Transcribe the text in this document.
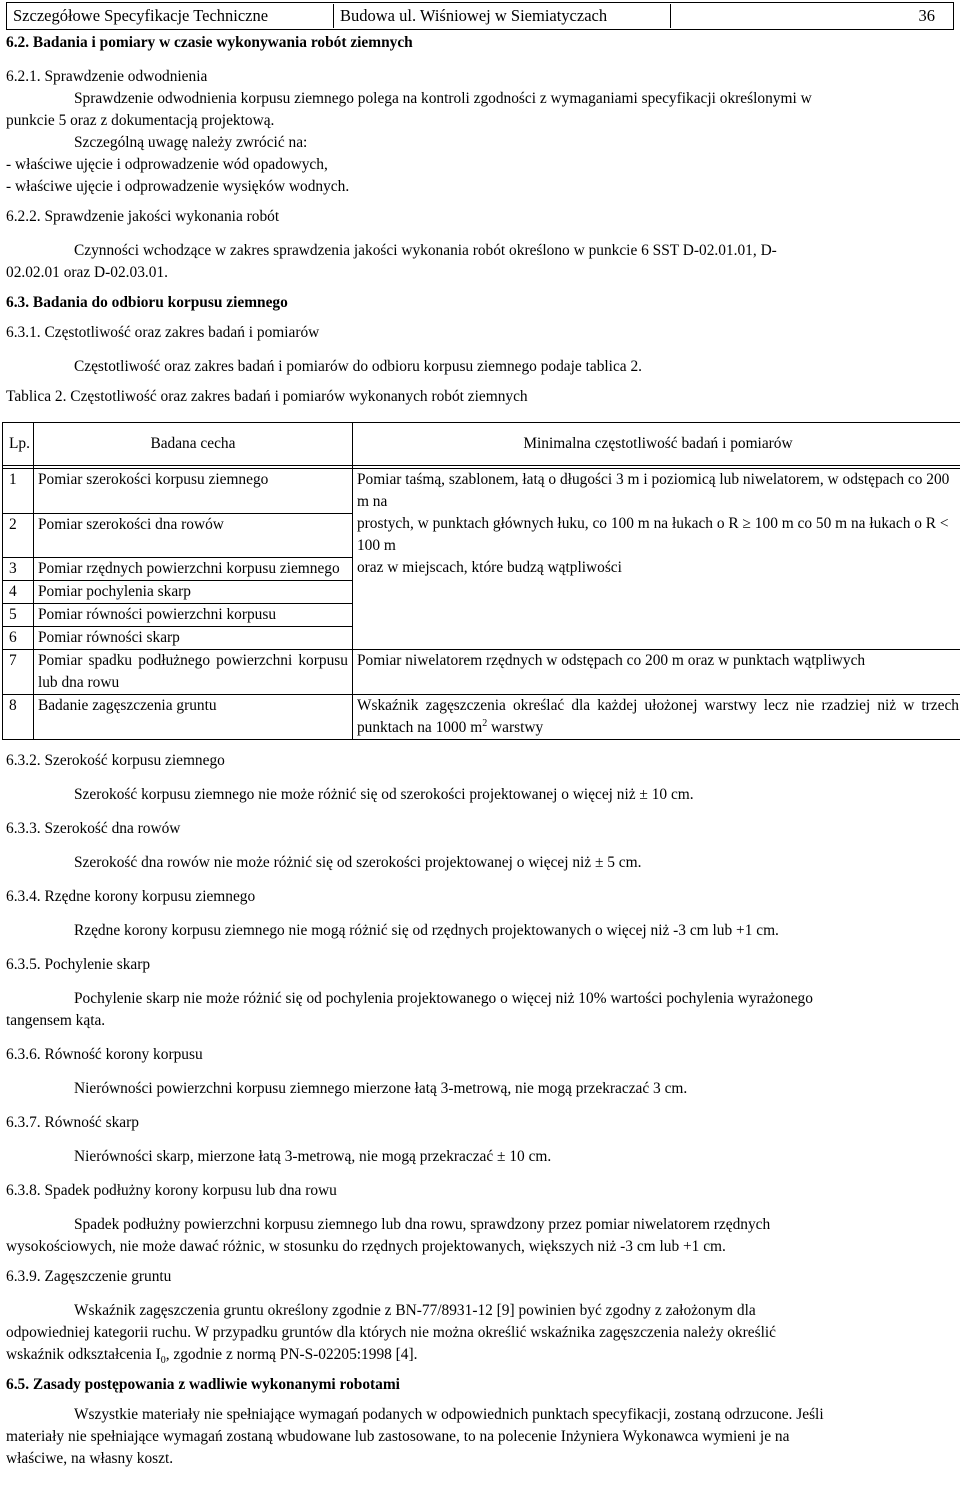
Szczegółowe Specyfikacje Techniczne	Budowa ul. Wiśniowej w Siemiatyczach	36

6.2. Badania i pomiary w czasie wykonywania robót ziemnych

6.2.1. Sprawdzenie odwodnienia

Sprawdzenie odwodnienia korpusu ziemnego polega na kontroli zgodności z wymaganiami specyfikacji określonymi w

punkcie 5 oraz z dokumentacją projektową.

Szczególną uwagę należy zwrócić na:

- właściwe ujęcie i odprowadzenie wód opadowych,

- właściwe ujęcie i odprowadzenie wysięków wodnych.

6.2.2. Sprawdzenie jakości wykonania robót

Czynności wchodzące w zakres sprawdzenia jakości wykonania robót określono w punkcie 6 SST D-02.01.01, D-

02.02.01 oraz D-02.03.01.

6.3. Badania do odbioru korpusu ziemnego

6.3.1. Częstotliwość oraz zakres badań i pomiarów

Częstotliwość oraz zakres badań i pomiarów do odbioru korpusu ziemnego podaje tablica 2.

Tablica 2. Częstotliwość oraz zakres badań i pomiarów wykonanych robót ziemnych

Lp.	Badana cecha	Minimalna częstotliwość badań i pomiarów

1	Pomiar szerokości korpusu ziemnego	Pomiar taśmą, szablonem, łatą o długości 3 m i poziomicą lub niwelatorem, w odstępach co 200 m na
2	Pomiar szerokości dna rowów	prostych, w punktach głównych łuku, co 100 m na łukach o R ≥ 100 m co 50 m na łukach o R < 100 m
3	Pomiar rzędnych powierzchni korpusu ziemnego	oraz w miejscach, które budzą wątpliwości
4	Pomiar pochylenia skarp	
5	Pomiar równości powierzchni korpusu	
6	Pomiar równości skarp	
7	Pomiar spadku podłużnego powierzchni korpusu lub dna rowu	Pomiar niwelatorem rzędnych w odstępach co 200 m oraz w punktach wątpliwych
8	Badanie zagęszczenia gruntu	Wskaźnik zagęszczenia określać dla każdej ułożonej warstwy lecz nie rzadziej niż w trzech punktach na 1000 $m^2$ warstwy

6.3.2. Szerokość korpusu ziemnego

Szerokość korpusu ziemnego nie może różnić się od szerokości projektowanej o więcej niż ± 10 cm.

6.3.3. Szerokość dna rowów

Szerokość dna rowów nie może różnić się od szerokości projektowanej o więcej niż ± 5 cm.

6.3.4. Rzędne korony korpusu ziemnego

Rzędne korony korpusu ziemnego nie mogą różnić się od rzędnych projektowanych o więcej niż -3 cm lub +1 cm.

6.3.5. Pochylenie skarp

Pochylenie skarp nie może różnić się od pochylenia projektowanego o więcej niż 10% wartości pochylenia wyrażonego

tangensem kąta.

6.3.6. Równość korony korpusu

Nierówności powierzchni korpusu ziemnego mierzone łatą 3-metrową, nie mogą przekraczać 3 cm.

6.3.7. Równość skarp

Nierówności skarp, mierzone łatą 3-metrową, nie mogą przekraczać ± 10 cm.

6.3.8. Spadek podłużny korony korpusu lub dna rowu

Spadek podłużny powierzchni korpusu ziemnego lub dna rowu, sprawdzony przez pomiar niwelatorem rzędnych

wysokościowych, nie może dawać różnic, w stosunku do rzędnych projektowanych, większych niż -3 cm lub +1 cm.

6.3.9. Zagęszczenie gruntu

Wskaźnik zagęszczenia gruntu określony zgodnie z BN-77/8931-12 [9] powinien być zgodny z założonym dla

odpowiedniej kategorii ruchu. W przypadku gruntów dla których nie można określić wskaźnika zagęszczenia należy określić

wskaźnik odkształcenia $I_0$, zgodnie z normą PN-S-02205:1998 [4].

6.5. Zasady postępowania z wadliwie wykonanymi robotami

Wszystkie materiały nie spełniające wymagań podanych w odpowiednich punktach specyfikacji, zostaną odrzucone. Jeśli

materiały nie spełniające wymagań zostaną wbudowane lub zastosowane, to na polecenie Inżyniera Wykonawca wymieni je na

właściwe, na własny koszt.
